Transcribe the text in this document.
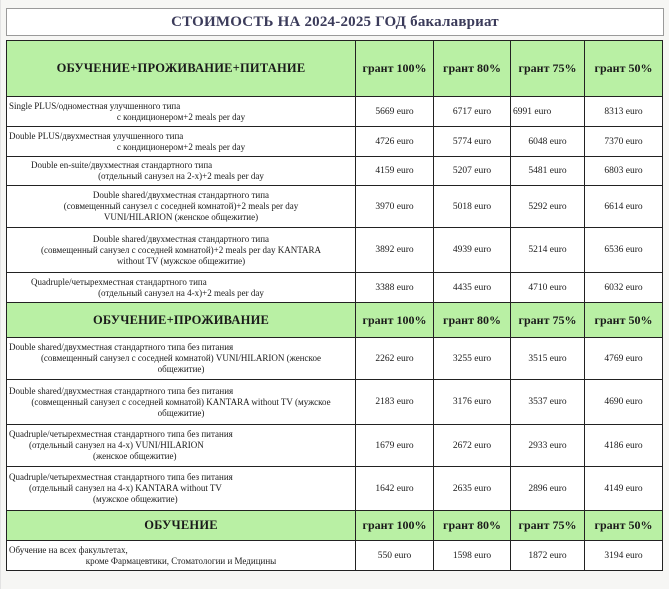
СТОИМОСТЬ НА 2024-2025 ГОД бакалавриат
ОБУЧЕНИЕ+ПРОЖИВАНИЕ+ПИТАНИЕ	грант 100%	грант 80%	грант 75%	грант 50%

Single PLUS/одноместная улучшенного типа
с кондиционером+2 meals per day	5669 euro	6717 euro	6991 euro	8313 euro

Double PLUS/двухместная улучшенного типа
с кондиционером+2 meals per day	4726 euro	5774 euro	6048 euro	7370 euro

Double en-suite/двухместная стандартного типа
(отдельный санузел на 2-х)+2 meals per day	4159 euro	5207 euro	5481 euro	6803 euro

Double shared/двухместная стандартного типа
(совмещенный санузел с соседней комнатой)+2 meals per day
VUNI/HILARION (женское общежитие)	3970 euro	5018 euro	5292 euro	6614 euro

Double shared/двухместная стандартного типа
(совмещенный санузел с соседней комнатой)+2 meals per day KANTARA
without TV (мужское общежитие)	3892 euro	4939 euro	5214 euro	6536 euro

Quadruple/четырехместная стандартного типа
(отдельный санузел на 4-х)+2 meals per day	3388 euro	4435 euro	4710 euro	6032 euro
ОБУЧЕНИЕ+ПРОЖИВАНИЕ	грант 100%	грант 80%	грант 75%	грант 50%

Double shared/двухместная стандартного типа без питания
(совмещенный санузел с соседней комнатой) VUNI/HILARION (женское
общежитие)	2262 euro	3255 euro	3515 euro	4769 euro

Double shared/двухместная стандартного типа без питания
(совмещенный санузел с соседней комнатой) KANTARA without TV (мужское
общежитие)	2183 euro	3176 euro	3537 euro	4690 euro

Quadruple/четырехместная стандартного типа без питания
(отдельный санузел на 4-х) VUNI/HILARION
(женское общежитие)	1679 euro	2672 euro	2933 euro	4186 euro

Quadruple/четырехместная стандартного типа без питания
(отдельный санузел на 4-х) KANTARA without TV
(мужское общежитие)	1642 euro	2635 euro	2896 euro	4149 euro
ОБУЧЕНИЕ	грант 100%	грант 80%	грант 75%	грант 50%

Обучение на всех факультетах,
кроме Фармацевтики, Стоматологии и Медицины	550 euro	1598 euro	1872 euro	3194 euro
